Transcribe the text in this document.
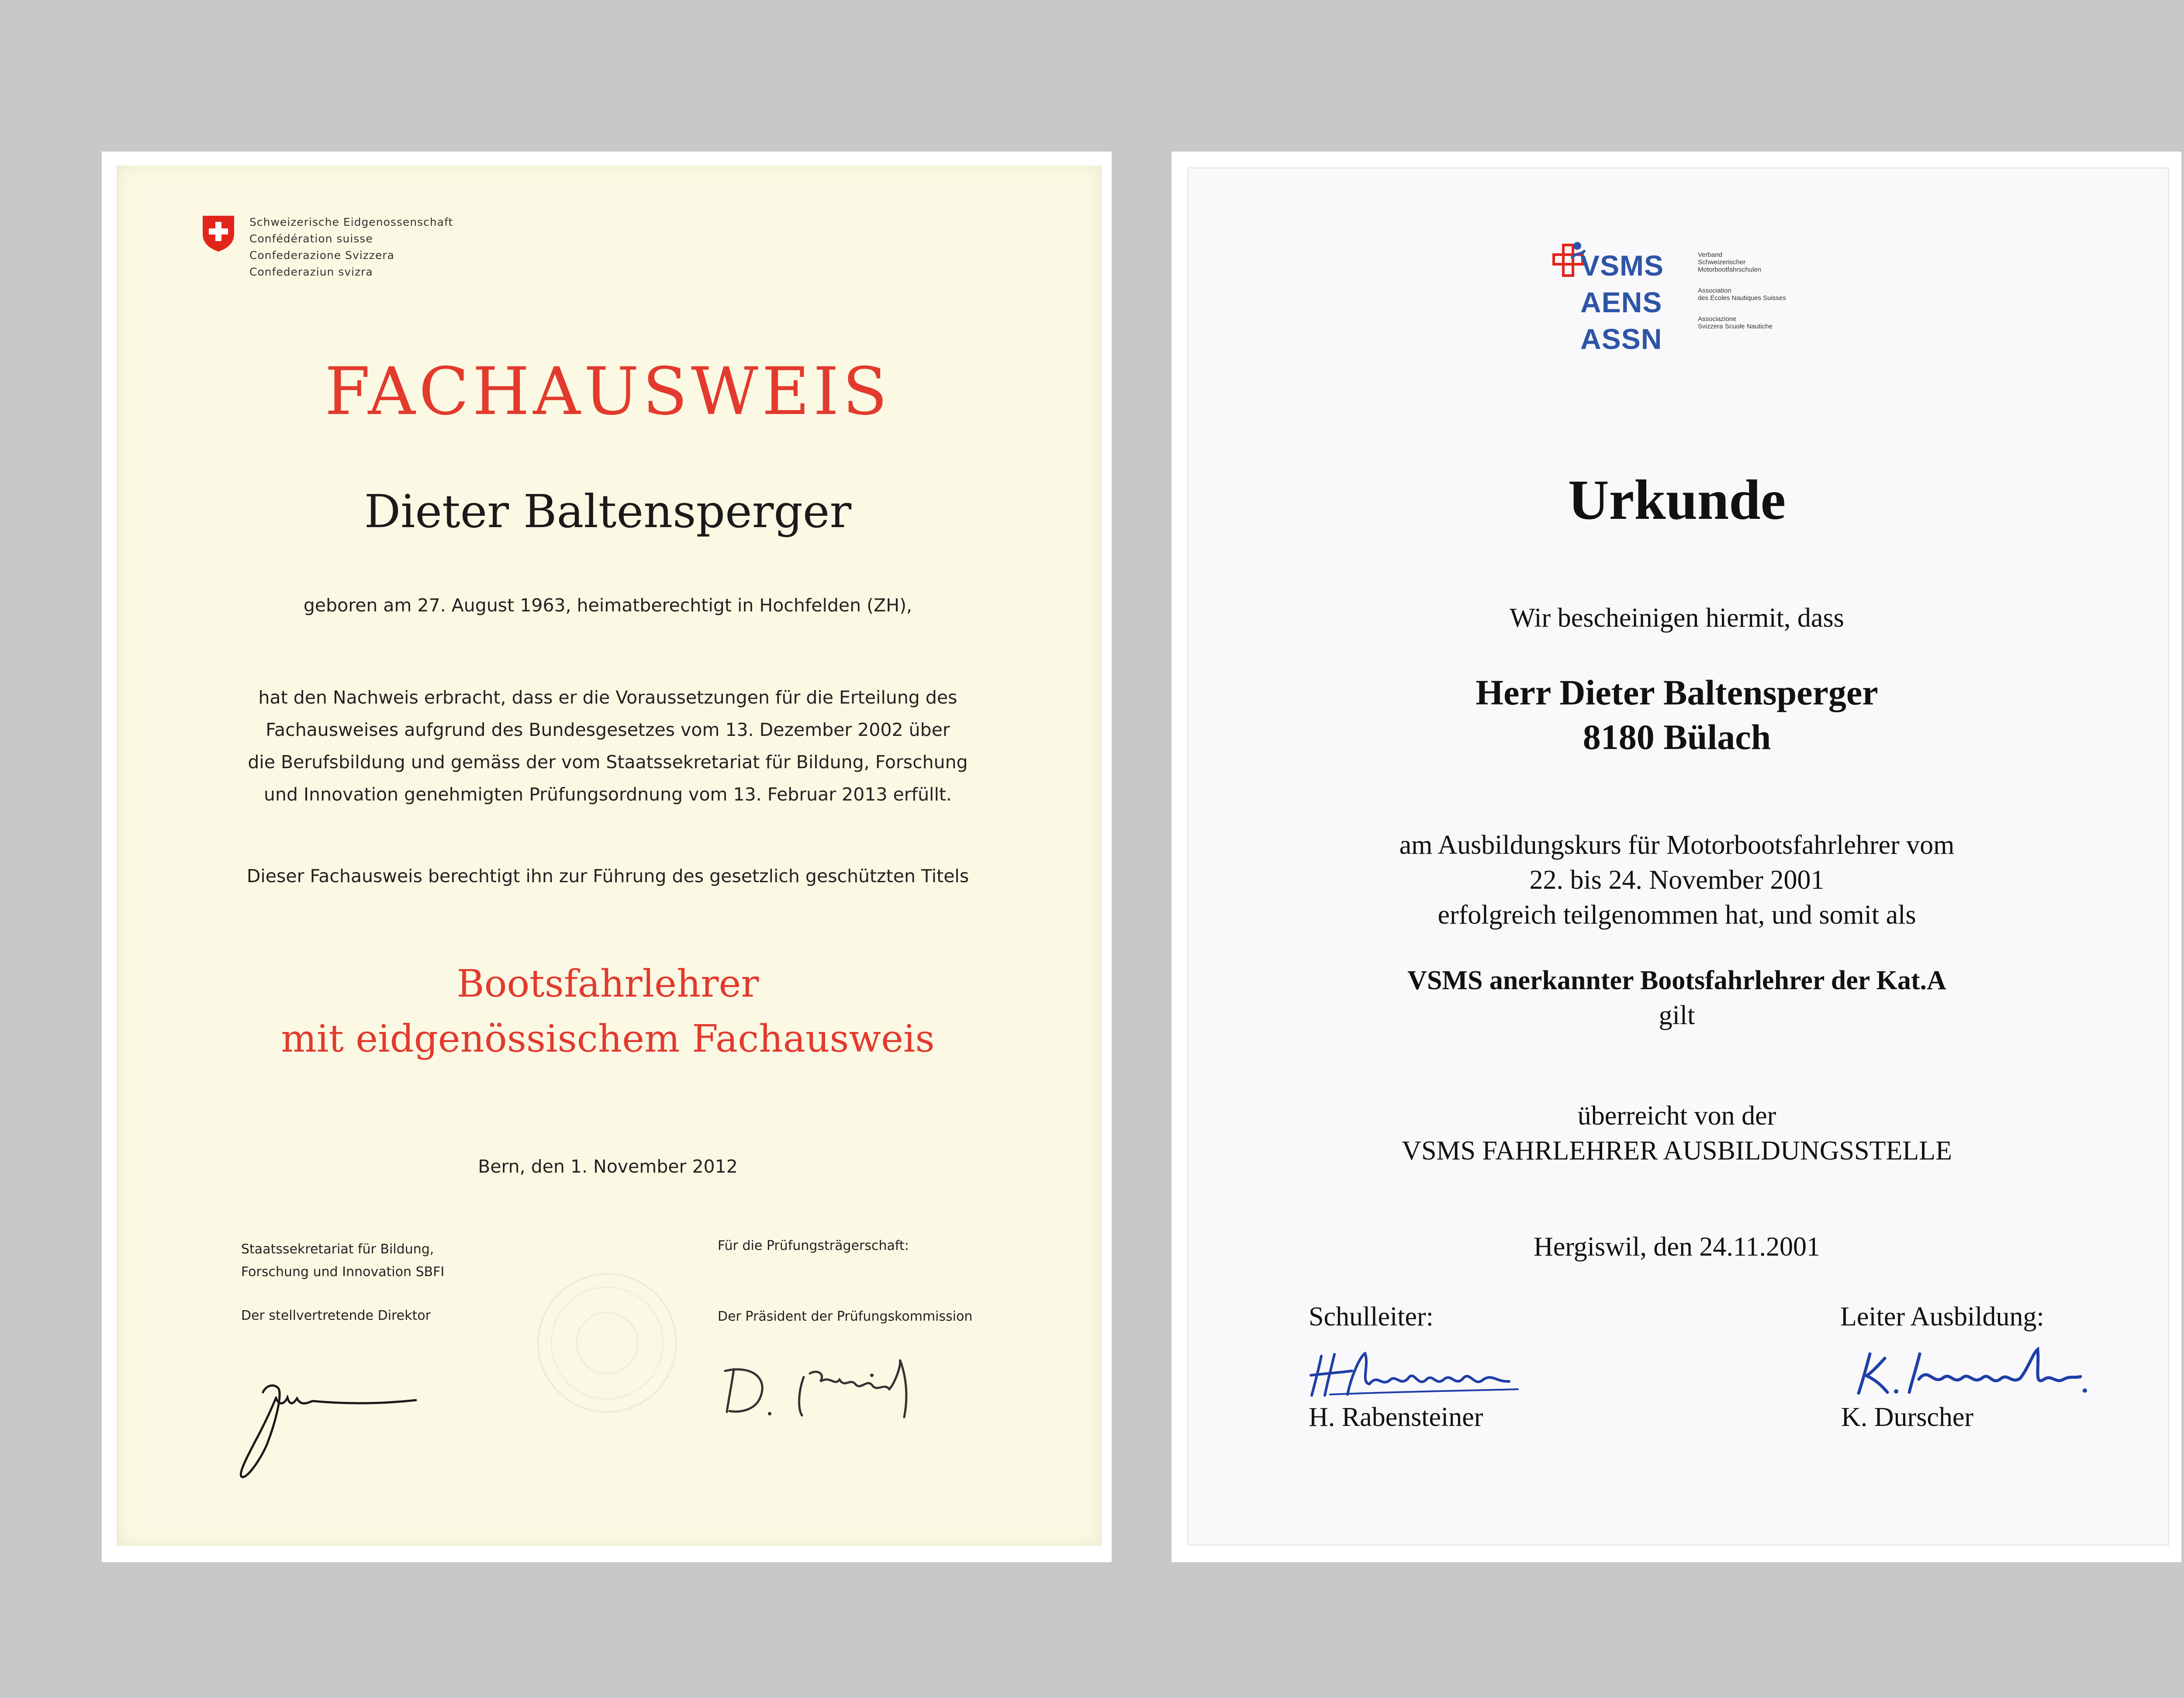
Schweizerische Eidgenossenschaft
Confédération suisse
Confederazione Svizzera
Confederaziun svizra
FACHAUSWEIS
Dieter Baltensperger
geboren am 27. August 1963, heimatberechtigt in Hochfelden (ZH),
hat den Nachweis erbracht, dass er die Voraussetzungen für die Erteilung des
Fachausweises aufgrund des Bundesgesetzes vom 13. Dezember 2002 über
die Berufsbildung und gemäss der vom Staatssekretariat für Bildung, Forschung
und Innovation genehmigten Prüfungsordnung vom 13. Februar 2013 erfüllt.
Dieser Fachausweis berechtigt ihn zur Führung des gesetzlich geschützten Titels
Bootsfahrlehrer
mit eidgenössischem Fachausweis
Bern, den 1. November 2012
Staatssekretariat für Bildung,
Forschung und Innovation SBFI
Der stellvertretende Direktor
Für die Prüfungsträgerschaft:
Der Präsident der Prüfungskommission
VSMS
AENS
ASSN
Verband
Schweizerischer
Motorbootfahrschulen
Association
des Ecoles Nautiques Suisses
Associazione
Svizzera Scuole Nautiche
Urkunde
Wir bescheinigen hiermit, dass
Herr Dieter Baltensperger
8180 Bülach
am Ausbildungskurs für Motorbootsfahrlehrer vom
22. bis 24. November 2001
erfolgreich teilgenommen hat, und somit als
VSMS anerkannter Bootsfahrlehrer der Kat.A
gilt
überreicht von der
VSMS FAHRLEHRER AUSBILDUNGSSTELLE
Hergiswil, den 24.11.2001
Schulleiter:	Leiter Ausbildung:
H. Rabensteiner	K. Durscher
